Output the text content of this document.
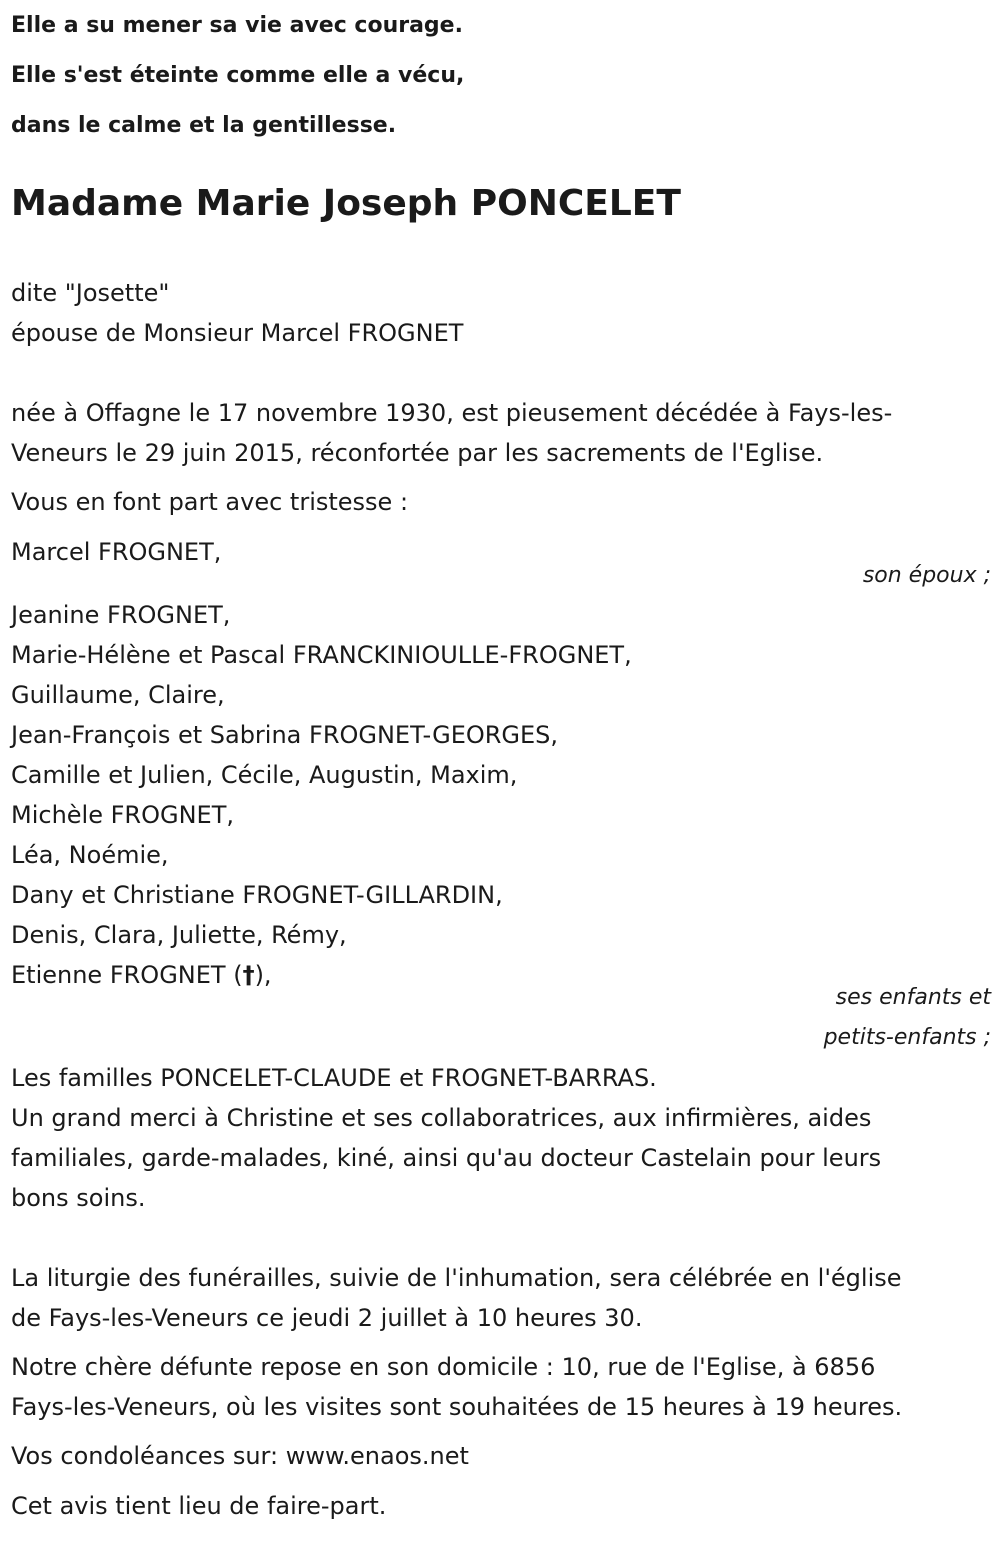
Elle a su mener sa vie avec courage.
Elle s'est éteinte comme elle a vécu,
dans le calme et la gentillesse.
Madame Marie Joseph PONCELET
dite "Josette"
épouse de Monsieur Marcel FROGNET
née à Offagne le 17 novembre 1930, est pieusement décédée à Fays-les-
Veneurs le 29 juin 2015, réconfortée par les sacrements de l'Eglise.
Vous en font part avec tristesse :
Marcel FROGNET,
son époux ;
Jeanine FROGNET,
Marie-Hélène et Pascal FRANCKINIOULLE-FROGNET,
Guillaume, Claire,
Jean-François et Sabrina FROGNET-GEORGES,
Camille et Julien, Cécile, Augustin, Maxim,
Michèle FROGNET,
Léa, Noémie,
Dany et Christiane FROGNET-GILLARDIN,
Denis, Clara, Juliette, Rémy,
Etienne FROGNET (†),
ses enfants et
petits-enfants ;
Les familles PONCELET-CLAUDE et FROGNET-BARRAS.
Un grand merci à Christine et ses collaboratrices, aux infirmières, aides
familiales, garde-malades, kiné, ainsi qu'au docteur Castelain pour leurs
bons soins.
La liturgie des funérailles, suivie de l'inhumation, sera célébrée en l'église
de Fays-les-Veneurs ce jeudi 2 juillet à 10 heures 30.
Notre chère défunte repose en son domicile : 10, rue de l'Eglise, à 6856
Fays-les-Veneurs, où les visites sont souhaitées de 15 heures à 19 heures.
Vos condoléances sur: www.enaos.net
Cet avis tient lieu de faire-part.
